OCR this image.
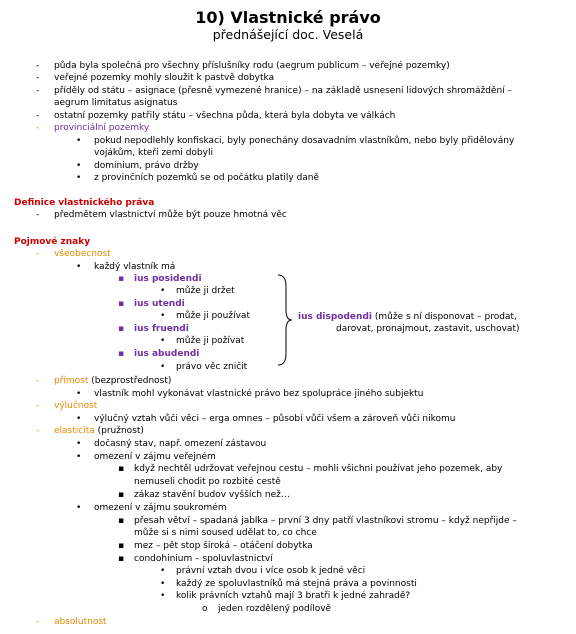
10) Vlastnické právo
přednášející doc. Veselá
- půda byla společná pro všechny příslušníky rodu (aegrum publicum – veřejné pozemky)
- veřejné pozemky mohly sloužit k pastvě dobytka
- příděly od státu – asignace (přesně vymezené hranice) – na základě usnesení lidových shromáždění –
aegrum limitatus asignatus
- ostatní pozemky patřily státu – všechna půda, která byla dobyta ve válkách
- provinciální pozemky
• pokud nepodlehly konfiskaci, byly ponechány dosavadním vlastníkům, nebo byly přidělovány
vojákům, kteří zemi dobyli
• dominium, právo držby
• z provinčních pozemků se od počátku platily daně
Definice vlastnického práva
- předmětem vlastnictví může být pouze hmotná věc
Pojmové znaky
- všeobecnost
• každý vlastník má
▪ ius posidendi
• může ji držet
▪ ius utendi
• může ji používat
▪ ius fruendi
• může ji požívat
▪ ius abudendi
• právo věc zničit
ius dispodendi (může s ní disponovat – prodat,
darovat, pronajmout, zastavit, uschovat)
- přímost (bezprostřednost)
• vlastník mohl vykonávat vlastnické právo bez spolupráce jiného subjektu
- výlučnost
• výlučný vztah vůči věci – erga omnes – působí vůči všem a zároveň vůči nikomu
- elasticita (pružnost)
• dočasný stav, např. omezení zástavou
• omezení v zájmu veřejném
▪ když nechtěl udržovat veřejnou cestu – mohli všichni používat jeho pozemek, aby
nemuseli chodit po rozbité cestě
▪ zákaz stavění budov vyšších než…
• omezení v zájmu soukromém
▪ přesah větví – spadaná jablka – první 3 dny patří vlastníkovi stromu – když nepřijde –
může si s nimi soused udělat to, co chce
▪ mez – pět stop široká – otáčení dobytka
▪ condohinium – spoluvlastnictví
• právní vztah dvou i více osob k jedné věci
• každý ze spoluvlastníků má stejná práva a povinnosti
• kolik právních vztahů mají 3 bratři k jedné zahradě?
o jeden rozdělený podílově
- absolutnost
